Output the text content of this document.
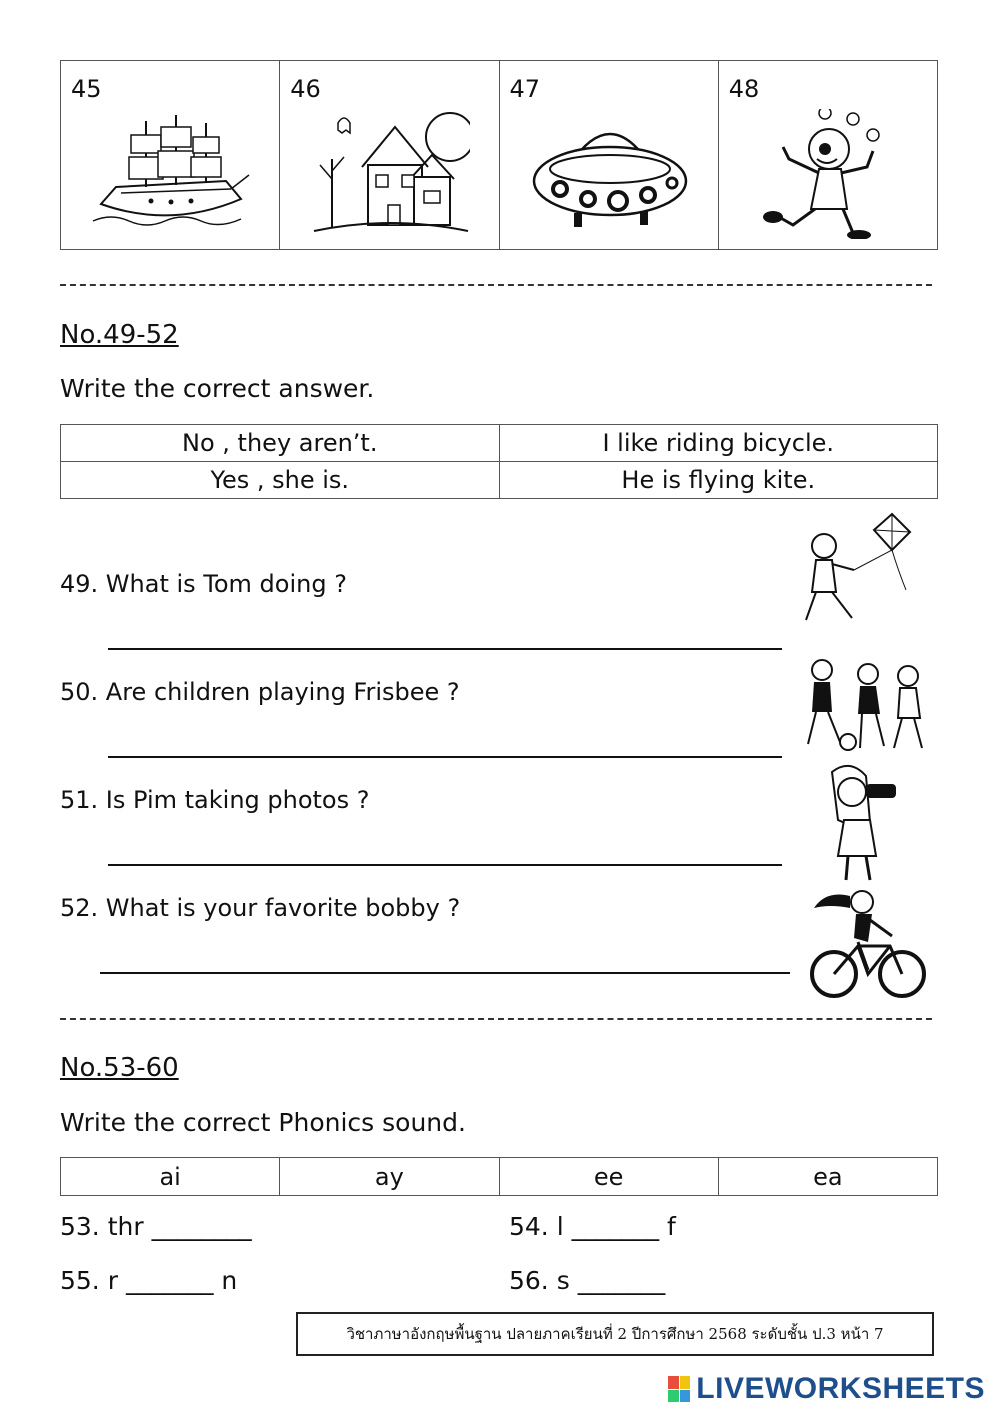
45	46	47	48
No.49-52
Write the correct answer.
No , they aren’t.	I like riding bicycle.
Yes , she is.	He is flying kite.
49. What is Tom doing ?
50. Are children playing Frisbee ?
51. Is Pim taking photos ?
52. What is your favorite bobby ?
No.53-60
Write the correct Phonics sound.
ai	ay	ee	ea
53. thr ________	54. l _______ f
55. r _______ n	56. s _______
วิชาภาษาอังกฤษพื้นฐาน ปลายภาคเรียนที่ 2 ปีการศึกษา 2568 ระดับชั้น ป.3 หน้า 7
LIVEWORKSHEETS
